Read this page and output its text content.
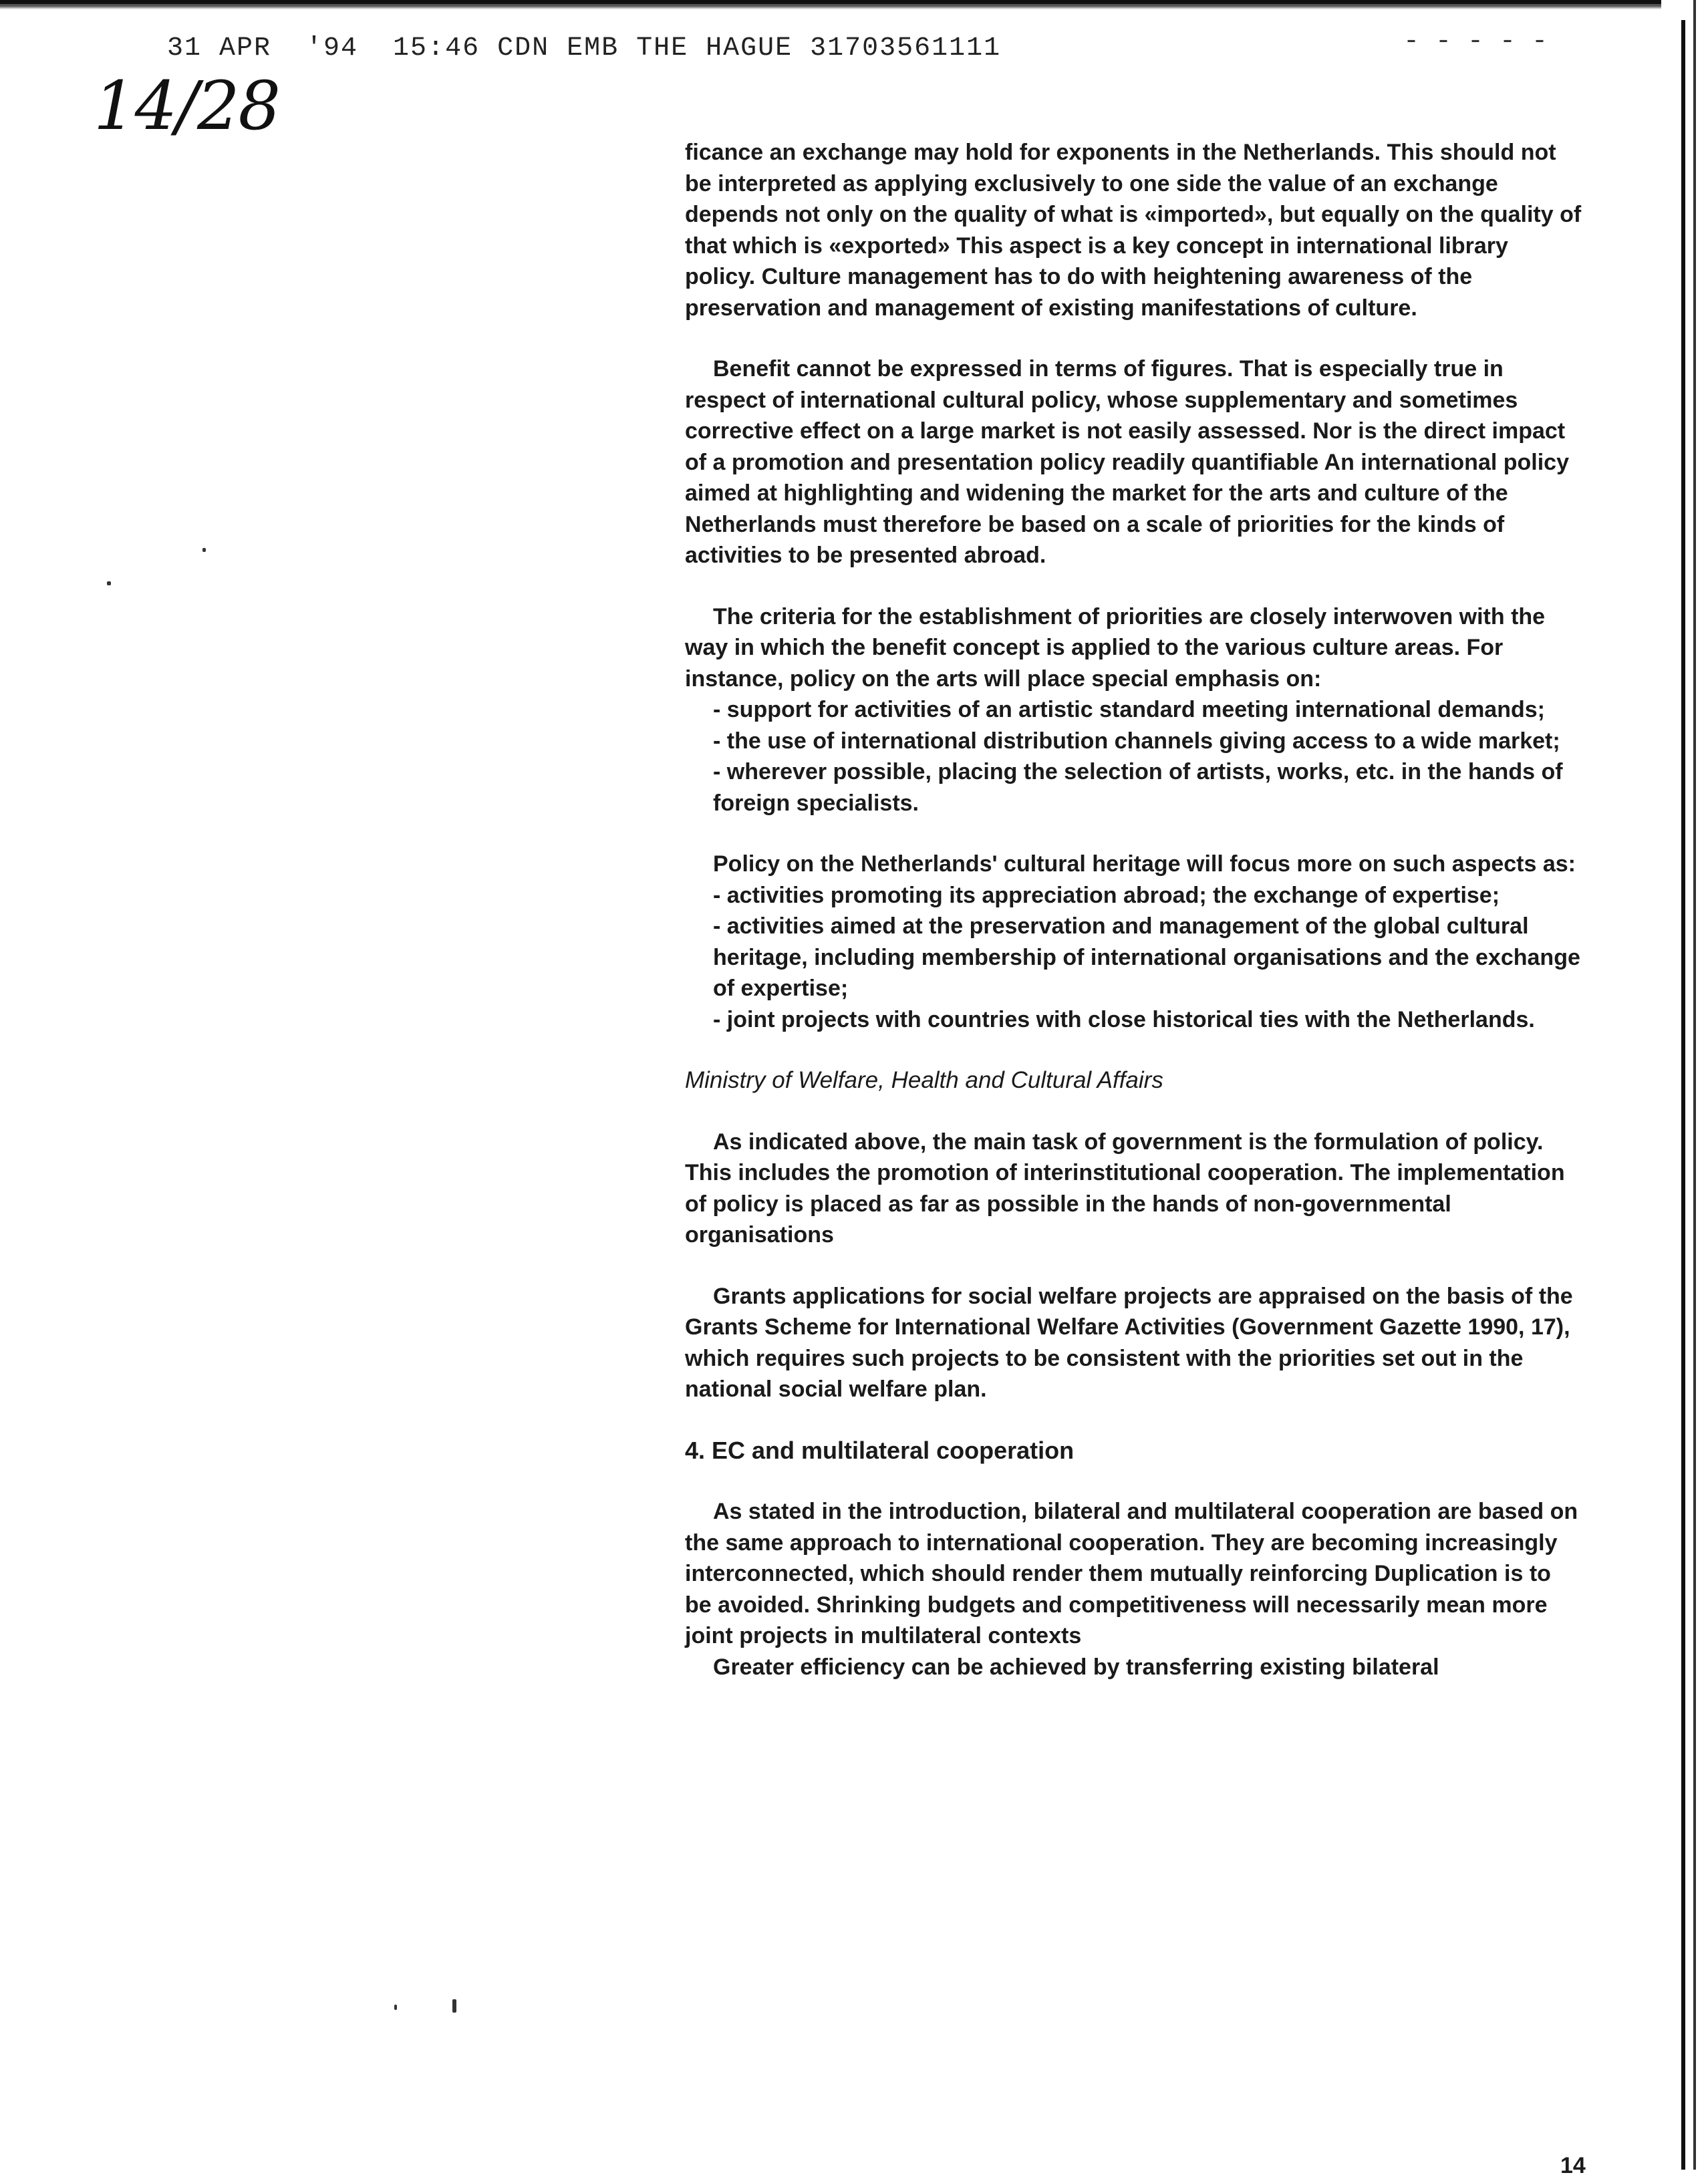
31 APR  '94  15:46 CDN EMB THE HAGUE 31703561111	- - - - -
14/28

ficance an exchange may hold for exponents in the Netherlands. This should not be interpreted as applying exclusively to one side the value of an exchange depends not only on the quality of what is «imported», but equally on the quality of that which is «exported» This aspect is a key concept in international library policy. Culture management has to do with heightening awareness of the preservation and management of existing manifestations of culture.

Benefit cannot be expressed in terms of figures. That is especially true in respect of international cultural policy, whose supplementary and sometimes corrective effect on a large market is not easily assessed. Nor is the direct impact of a promotion and presentation policy readily quantifiable An international policy aimed at highlighting and widening the market for the arts and culture of the Netherlands must therefore be based on a scale of priorities for the kinds of activities to be presented abroad.

The criteria for the establishment of priorities are closely interwoven with the way in which the benefit concept is applied to the various culture areas. For instance, policy on the arts will place special emphasis on:

- support for activities of an artistic standard meeting international demands;

- the use of international distribution channels giving access to a wide market;

- wherever possible, placing the selection of artists, works, etc. in the hands of foreign specialists.

Policy on the Netherlands' cultural heritage will focus more on such aspects as:

- activities promoting its appreciation abroad; the exchange of expertise;

- activities aimed at the preservation and management of the global cultural heritage, including membership of international organisations and the exchange of expertise;

- joint projects with countries with close historical ties with the Netherlands.

Ministry of Welfare, Health and Cultural Affairs

As indicated above, the main task of government is the formulation of policy. This includes the promotion of interinstitutional cooperation. The implementation of policy is placed as far as possible in the hands of non-governmental organisations

Grants applications for social welfare projects are appraised on the basis of the Grants Scheme for International Welfare Activities (Government Gazette 1990, 17), which requires such projects to be consistent with the priorities set out in the national social welfare plan.

4. EC and multilateral cooperation

As stated in the introduction, bilateral and multilateral cooperation are based on the same approach to international cooperation. They are becoming increasingly interconnected, which should render them mutually reinforcing Duplication is to be avoided. Shrinking budgets and competitiveness will necessarily mean more joint projects in multilateral contexts

Greater efficiency can be achieved by transferring existing bilateral

14
